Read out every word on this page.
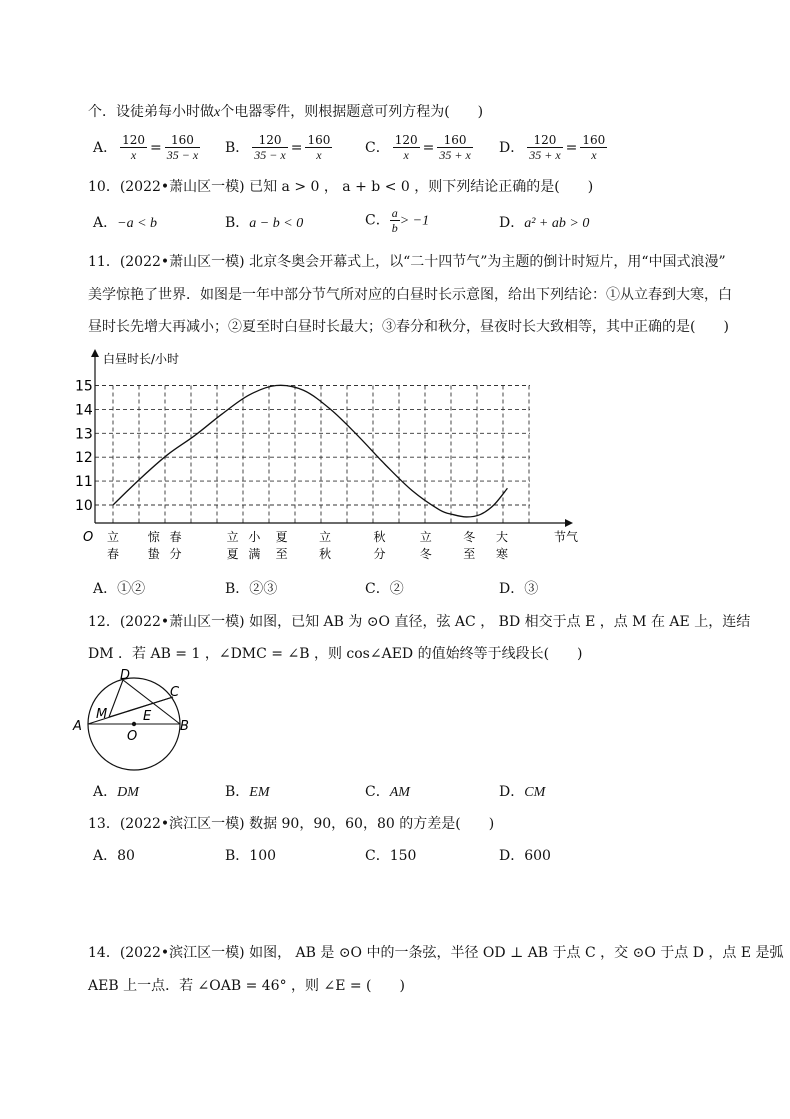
个．设徒弟每小时做x个电器零件，则根据题意可列方程为(　　)
A． $\frac{120}{x} = \frac{160}{35 - x}$ B． $\frac{120}{35 - x} = \frac{160}{x}$ C． $\frac{120}{x} = \frac{160}{35 + x}$ D． $\frac{120}{35 + x} = \frac{160}{x}$
10．(2022•萧山区一模) 已知 a > 0 ， a + b < 0 ，则下列结论正确的是(　　)
A．−a < b	B．a − b < 0	C． $\frac{a}{b} > -1$	D．a² + ab > 0
11．(2022•萧山区一模) 北京冬奥会开幕式上，以“二十四节气”为主题的倒计时短片，用“中国式浪漫”
美学惊艳了世界．如图是一年中部分节气所对应的白昼时长示意图，给出下列结论：①从立春到大寒，白
昼时长先增大再减小；②夏至时白昼时长最大；③春分和秋分，昼夜时长大致相等，其中正确的是(　　)
白昼时长/小时
节气
O
10
11
12
13
14
15
立
春
惊
蛰
春
分
立
夏
小
满
夏
至
立
秋
秋
分
立
冬
冬
至
大
寒
A．①②	B．②③	C．②	D．③
12．(2022•萧山区一模) 如图，已知 AB 为 ⊙O 直径，弦 AC ， BD 相交于点 E ，点 M 在 AE 上，连结
DM ．若 AB = 1 ，∠DMC = ∠B ，则 cos∠AED 的值始终等于线段长(　　)
A	B
C
D
E
M
O
A．DM	B．EM	C．AM	D．CM
13．(2022•滨江区一模) 数据 90，90，60，80 的方差是(　　)
A．80	B．100	C．150	D．600
14．(2022•滨江区一模) 如图， AB 是 ⊙O 中的一条弦，半径 OD ⊥ AB 于点 C ，交 ⊙O 于点 D ，点 E 是弧
AEB 上一点．若 ∠OAB = 46° ，则 ∠E = (　　)
